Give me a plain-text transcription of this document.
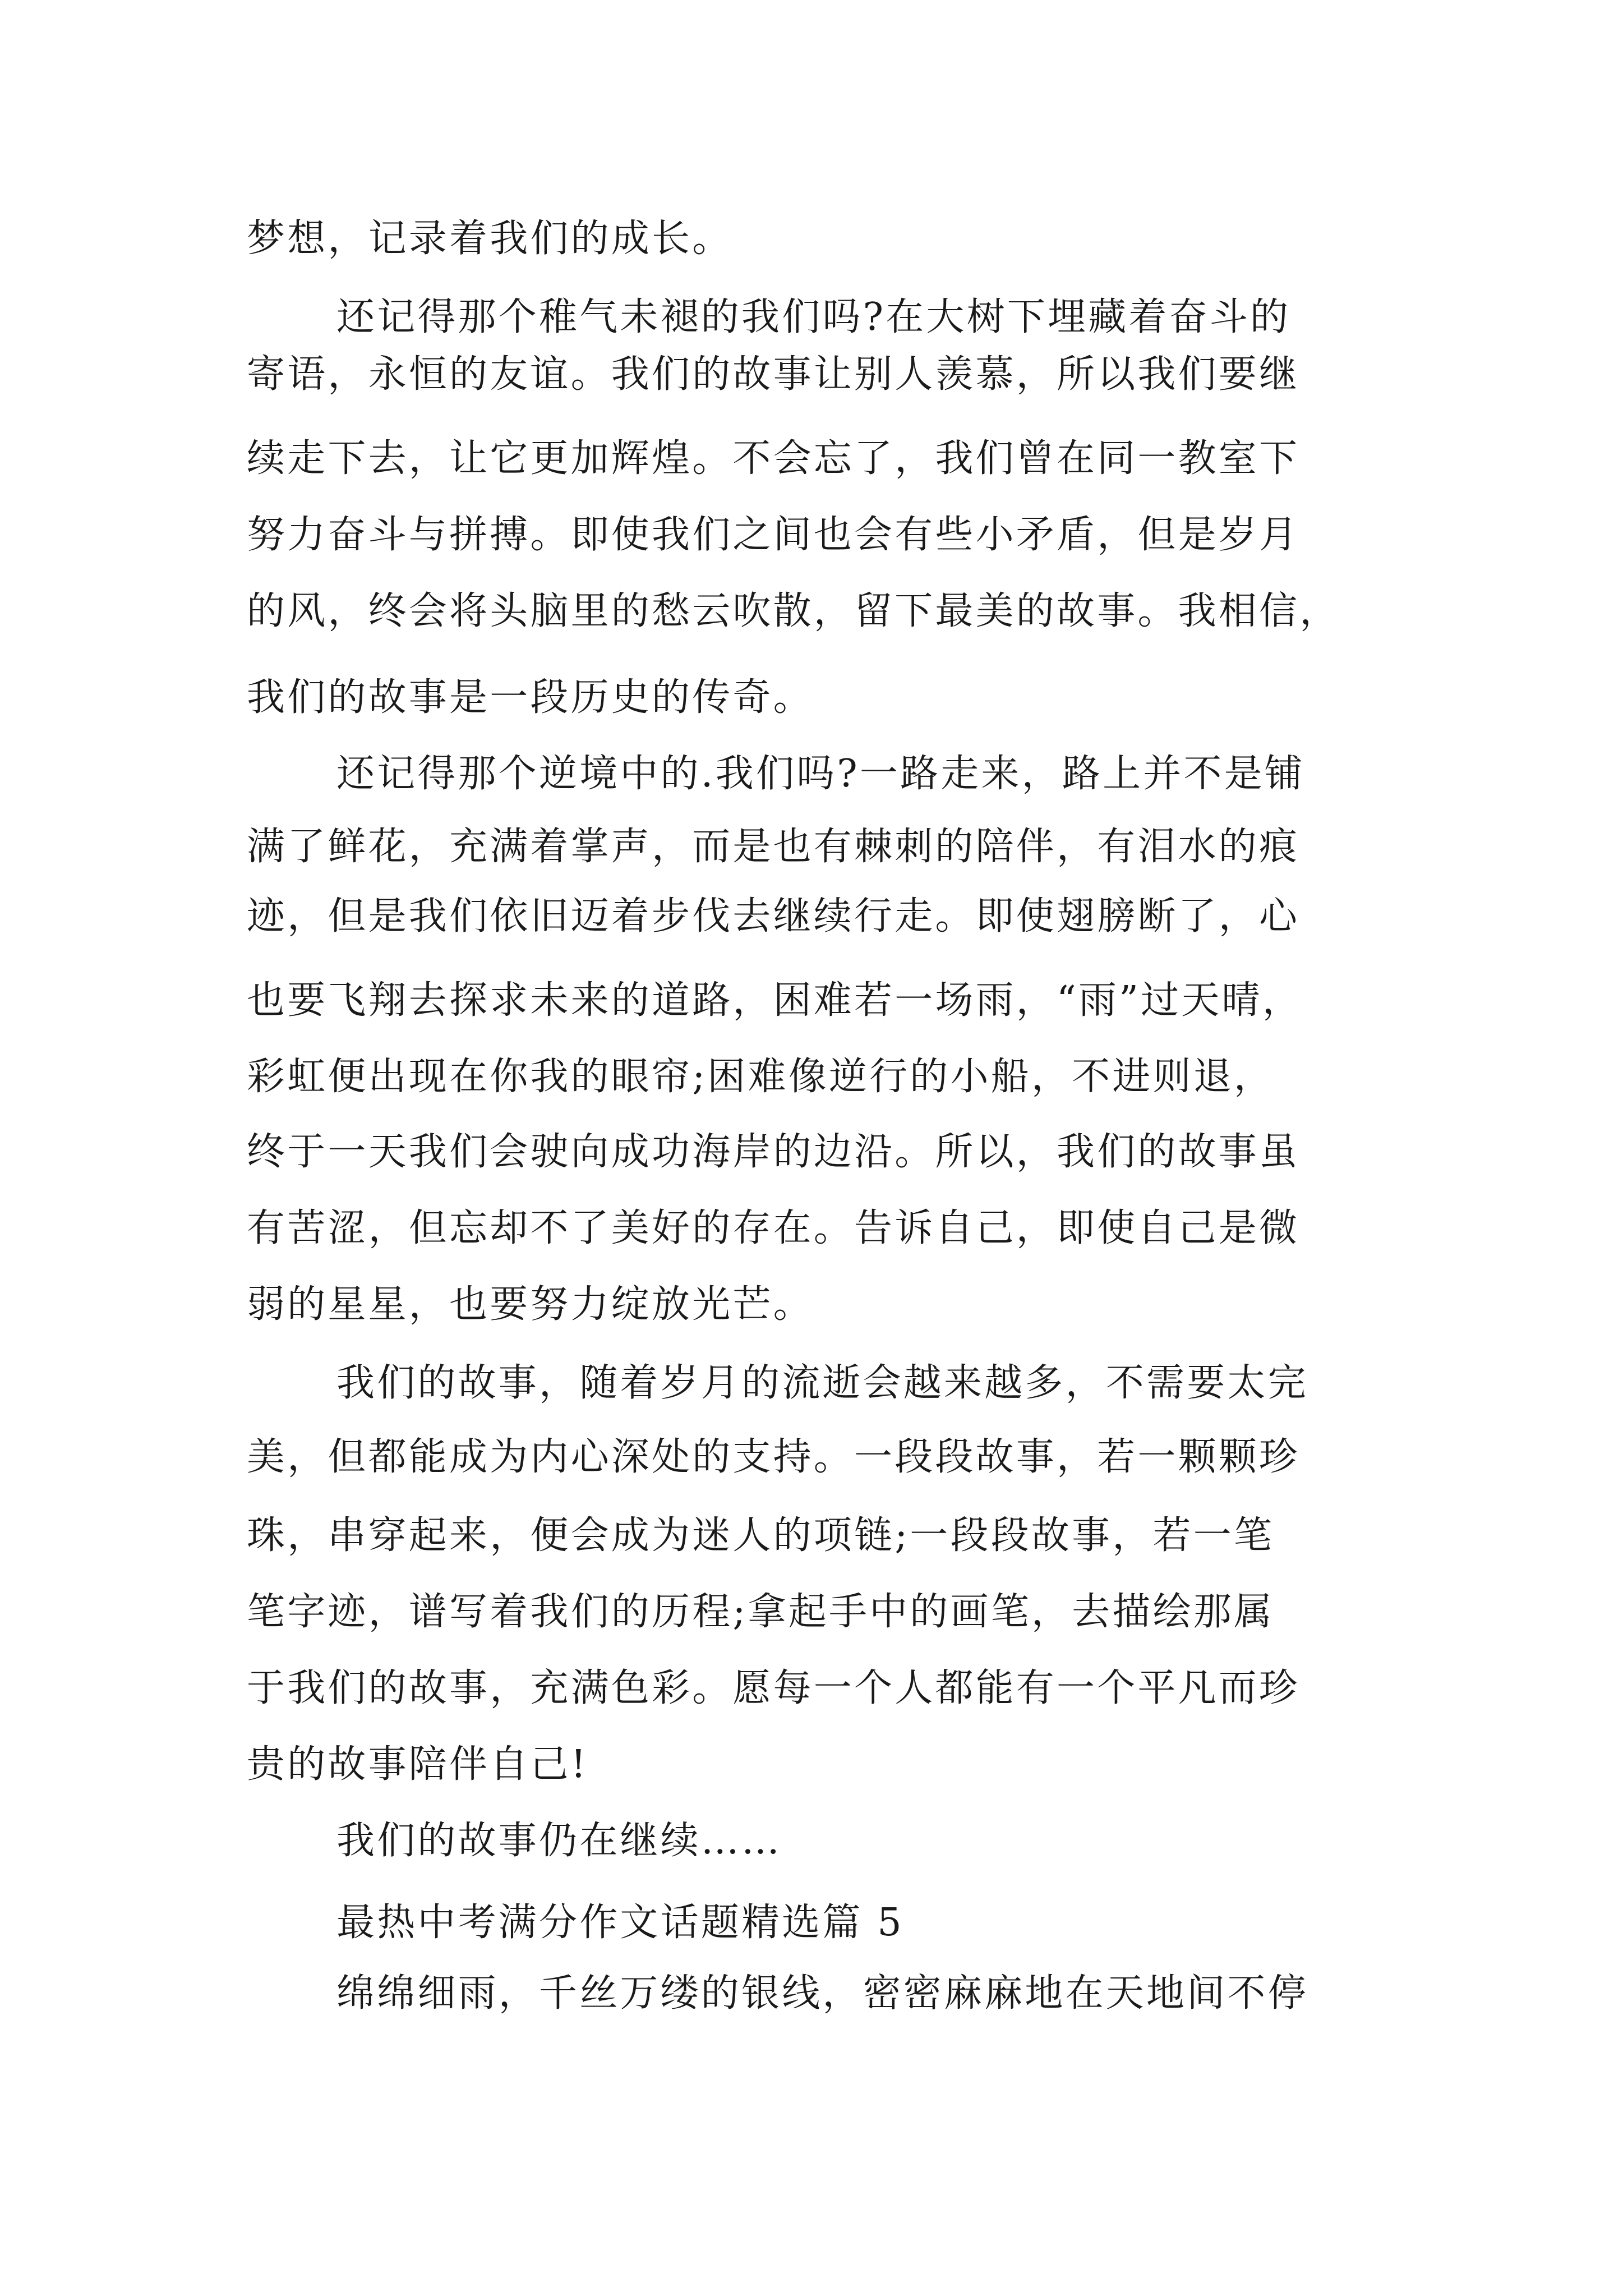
梦想，记录着我们的成长。
还记得那个稚气未褪的我们吗?在大树下埋藏着奋斗的
寄语，永恒的友谊。我们的故事让别人羡慕，所以我们要继
续走下去，让它更加辉煌。不会忘了，我们曾在同一教室下
努力奋斗与拼搏。即使我们之间也会有些小矛盾，但是岁月
的风，终会将头脑里的愁云吹散，留下最美的故事。我相信，
我们的故事是一段历史的传奇。
还记得那个逆境中的.我们吗?一路走来，路上并不是铺
满了鲜花，充满着掌声，而是也有棘刺的陪伴，有泪水的痕
迹，但是我们依旧迈着步伐去继续行走。即使翅膀断了，心
也要飞翔去探求未来的道路，困难若一场雨，“雨”过天晴，
彩虹便出现在你我的眼帘;困难像逆行的小船，不进则退，
终于一天我们会驶向成功海岸的边沿。所以，我们的故事虽
有苦涩，但忘却不了美好的存在。告诉自己，即使自己是微
弱的星星，也要努力绽放光芒。
我们的故事，随着岁月的流逝会越来越多，不需要太完
美，但都能成为内心深处的支持。一段段故事，若一颗颗珍
珠，串穿起来，便会成为迷人的项链;一段段故事，若一笔
笔字迹，谱写着我们的历程;拿起手中的画笔，去描绘那属
于我们的故事，充满色彩。愿每一个人都能有一个平凡而珍
贵的故事陪伴自己!
我们的故事仍在继续……
最热中考满分作文话题精选篇 5
绵绵细雨，千丝万缕的银线，密密麻麻地在天地间不停
